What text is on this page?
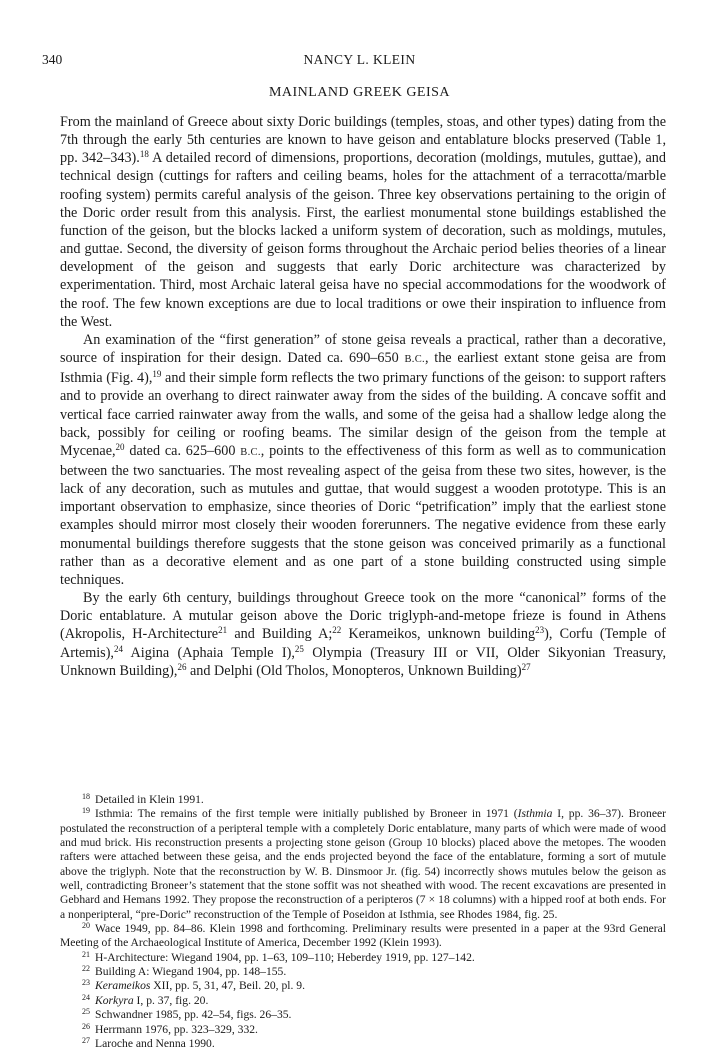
340	NANCY L. KLEIN
MAINLAND GREEK GEISA

From the mainland of Greece about sixty Doric buildings (temples, stoas, and other types) dating from the 7th through the early 5th centuries are known to have geison and entablature blocks preserved (Table 1, pp. 342–343).$^{18}$ A detailed record of dimensions, proportions, decoration (moldings, mutules, guttae), and technical design (cuttings for rafters and ceiling beams, holes for the attachment of a terracotta/marble roofing system) permits careful analysis of the geison. Three key observations pertaining to the origin of the Doric order result from this analysis. First, the earliest monumental stone buildings established the function of the geison, but the blocks lacked a uniform system of decoration, such as moldings, mutules, and guttae. Second, the diversity of geison forms throughout the Archaic period belies theories of a linear development of the geison and suggests that early Doric architecture was characterized by experimentation. Third, most Archaic lateral geisa have no special accommodations for the woodwork of the roof. The few known exceptions are due to local traditions or owe their inspiration to influence from the West.

An examination of the “first generation” of stone geisa reveals a practical, rather than a decorative, source of inspiration for their design. Dated ca. 690–650 B.C., the earliest extant stone geisa are from Isthmia (Fig. 4),$^{19}$ and their simple form reflects the two primary functions of the geison: to support rafters and to provide an overhang to direct rainwater away from the sides of the building. A concave soffit and vertical face carried rainwater away from the walls, and some of the geisa had a shallow ledge along the back, possibly for ceiling or roofing beams. The similar design of the geison from the temple at Mycenae,$^{20}$ dated ca. 625–600 B.C., points to the effectiveness of this form as well as to communication between the two sanctuaries. The most revealing aspect of the geisa from these two sites, however, is the lack of any decoration, such as mutules and guttae, that would suggest a wooden prototype. This is an important observation to emphasize, since theories of Doric “petrification” imply that the earliest stone examples should mirror most closely their wooden forerunners. The negative evidence from these early monumental buildings therefore suggests that the stone geison was conceived primarily as a functional rather than as a decorative element and as one part of a stone building constructed using simple techniques.

By the early 6th century, buildings throughout Greece took on the more “canonical” forms of the Doric entablature. A mutular geison above the Doric triglyph-and-metope frieze is found in Athens (Akropolis, H-Architecture$^{21}$ and Building A;$^{22}$ Kerameikos, unknown building$^{23}$), Corfu (Temple of Artemis),$^{24}$ Aigina (Aphaia Temple I),$^{25}$ Olympia (Treasury III or VII, Older Sikyonian Treasury, Unknown Building),$^{26}$ and Delphi (Old Tholos, Monopteros, Unknown Building)$^{27}$

$^{18}$ Detailed in Klein 1991.

$^{19}$ Isthmia: The remains of the first temple were initially published by Broneer in 1971 (Isthmia I, pp. 36–37). Broneer postulated the reconstruction of a peripteral temple with a completely Doric entablature, many parts of which were made of wood and mud brick. His reconstruction presents a projecting stone geison (Group 10 blocks) placed above the metopes. The wooden rafters were attached between these geisa, and the ends projected beyond the face of the entablature, forming a sort of mutule above the triglyph. Note that the reconstruction by W. B. Dinsmoor Jr. (fig. 54) incorrectly shows mutules below the geison as well, contradicting Broneer’s statement that the stone soffit was not sheathed with wood. The recent excavations are presented in Gebhard and Hemans 1992. They propose the reconstruction of a peripteros (7 × 18 columns) with a hipped roof at both ends. For a nonperipteral, “pre-Doric” reconstruction of the Temple of Poseidon at Isthmia, see Rhodes 1984, fig. 25.

$^{20}$ Wace 1949, pp. 84–86. Klein 1998 and forthcoming. Preliminary results were presented in a paper at the 93rd General Meeting of the Archaeological Institute of America, December 1992 (Klein 1993).

$^{21}$ H-Architecture: Wiegand 1904, pp. 1–63, 109–110; Heberdey 1919, pp. 127–142.

$^{22}$ Building A: Wiegand 1904, pp. 148–155.

$^{23}$ Kerameikos XII, pp. 5, 31, 47, Beil. 20, pl. 9.

$^{24}$ Korkyra I, p. 37, fig. 20.

$^{25}$ Schwandner 1985, pp. 42–54, figs. 26–35.

$^{26}$ Herrmann 1976, pp. 323–329, 332.

$^{27}$ Laroche and Nenna 1990.
